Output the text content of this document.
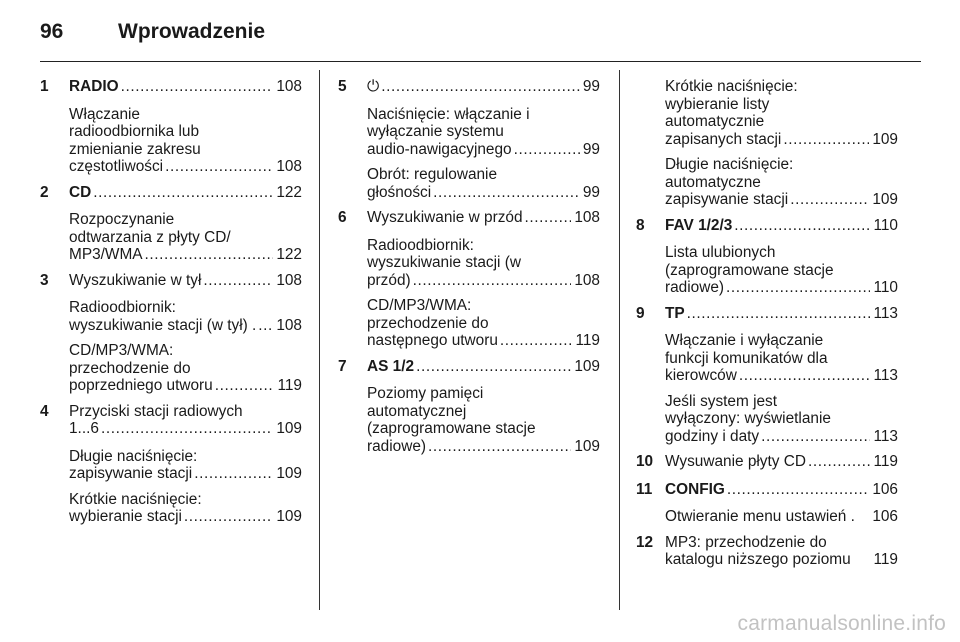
96	Wprowadzenie
1	RADIO .....	108
Włączanie
radioodbiornika lub
zmienianie zakresu
częstotliwości .....	108
2	CD .....	122
Rozpoczynanie
odtwarzania z płyty CD/
MP3/WMA .....	122
3	Wyszukiwanie w tył .....	108
Radioodbiornik:
wyszukiwanie stacji (w tył) . ..... 108
CD/MP3/WMA:
przechodzenie do
poprzedniego utworu .....	119
4	Przyciski stacji radiowych
1...6 .....	109
Długie naciśnięcie:
zapisywanie stacji .....	109
Krótkie naciśnięcie:
wybieranie stacji .....	109
5	⏻ .....	99
Naciśnięcie: włączanie i
wyłączanie systemu
audio-nawigacyjnego .....	99
Obrót: regulowanie
głośności .....	99
6	Wyszukiwanie w przód .....	108
Radioodbiornik:
wyszukiwanie stacji (w
przód) .....	108
CD/MP3/WMA:
przechodzenie do
następnego utworu .....	119
7	AS 1/2 .....	109
Poziomy pamięci
automatycznej
(zaprogramowane stacje
radiowe) .....	109
Krótkie naciśnięcie:
wybieranie listy
automatycznie
zapisanych stacji .....	109
Długie naciśnięcie:
automatyczne
zapisywanie stacji .....	109
8	FAV 1/2/3 .....	110
Lista ulubionych
(zaprogramowane stacje
radiowe) .....	110
9	TP .....	113
Włączanie i wyłączanie
funkcji komunikatów dla
kierowców .....	113
Jeśli system jest
wyłączony: wyświetlanie
godziny i daty .....	113
10 Wysuwanie płyty CD .....	119
11 CONFIG .....	106
Otwieranie menu ustawień . 106
12 MP3: przechodzenie do
katalogu niższego poziomu 119
carmanualsonline.info
